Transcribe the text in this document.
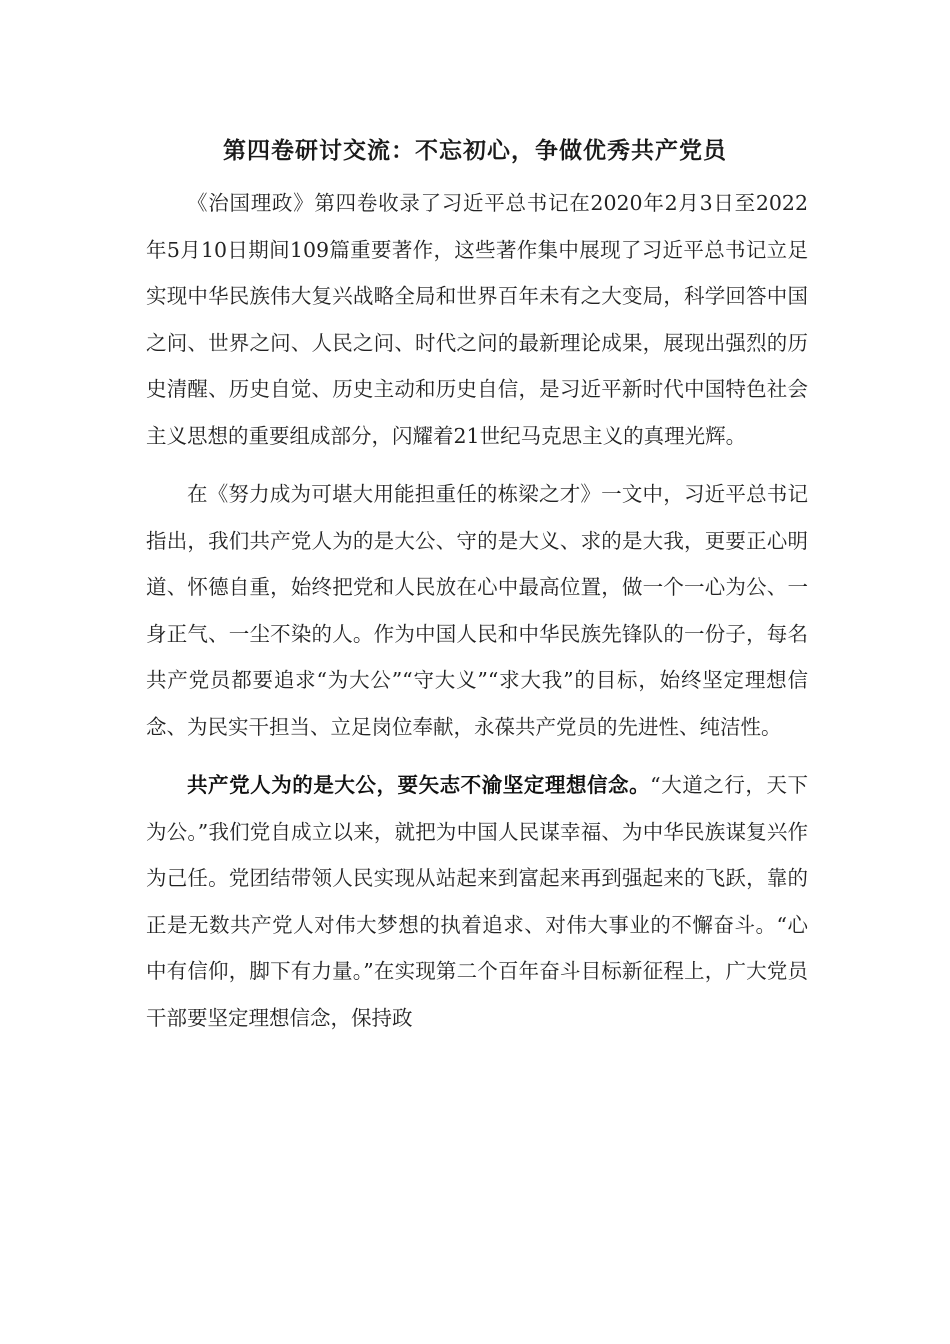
第四卷研讨交流：不忘初心，争做优秀共产党员

《治国理政》第四卷收录了习近平总书记在2020年2月3日至2022年5月10日期间109篇重要著作，这些著作集中展现了习近平总书记立足实现中华民族伟大复兴战略全局和世界百年未有之大变局，科学回答中国之问、世界之问、人民之问、时代之问的最新理论成果，展现出强烈的历史清醒、历史自觉、历史主动和历史自信，是习近平新时代中国特色社会主义思想的重要组成部分，闪耀着21世纪马克思主义的真理光辉。

在《努力成为可堪大用能担重任的栋梁之才》一文中，习近平总书记指出，我们共产党人为的是大公、守的是大义、求的是大我，更要正心明道、怀德自重，始终把党和人民放在心中最高位置，做一个一心为公、一身正气、一尘不染的人。作为中国人民和中华民族先锋队的一份子，每名共产党员都要追求“为大公”“守大义”“求大我”的目标，始终坚定理想信念、为民实干担当、立足岗位奉献，永葆共产党员的先进性、纯洁性。

共产党人为的是大公，要矢志不渝坚定理想信念。“大道之行，天下为公。”我们党自成立以来，就把为中国人民谋幸福、为中华民族谋复兴作为己任。党团结带领人民实现从站起来到富起来再到强起来的飞跃，靠的正是无数共产党人对伟大梦想的执着追求、对伟大事业的不懈奋斗。“心中有信仰，脚下有力量。”在实现第二个百年奋斗目标新征程上，广大党员干部要坚定理想信念，保持政
